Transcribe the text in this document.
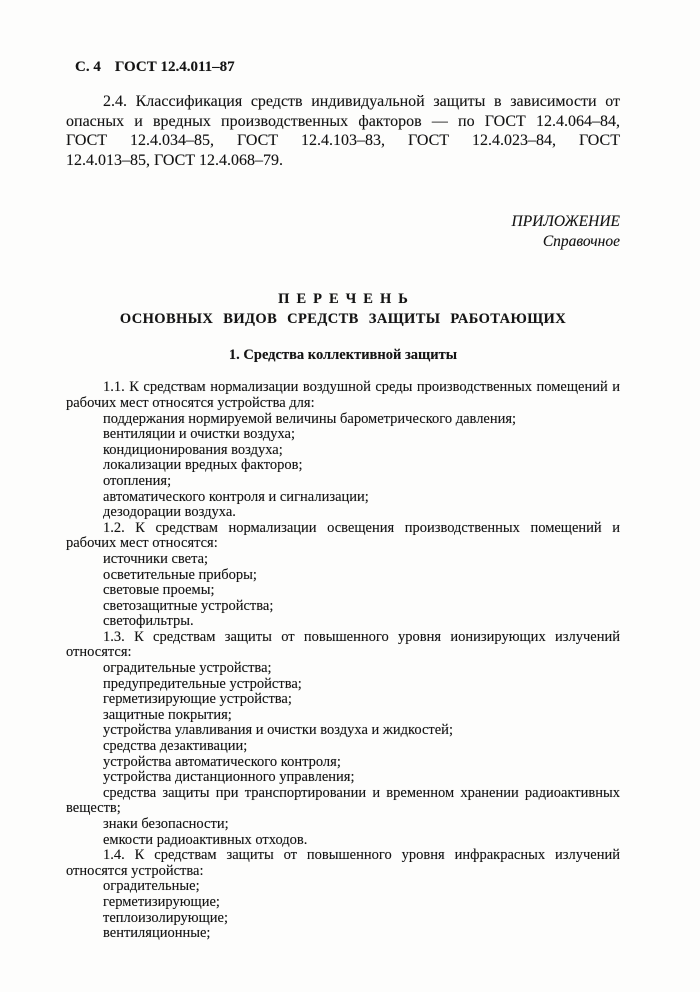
С. 4 ГОСТ 12.4.011–87
2.4. Классификация средств индивидуальной защиты в зависимости от
опасных и вредных производственных факторов — по ГОСТ 12.4.064–84,
ГОСТ 12.4.034–85, ГОСТ 12.4.103–83, ГОСТ 12.4.023–84, ГОСТ
12.4.013–85, ГОСТ 12.4.068–79.
ПРИЛОЖЕНИЕ
Справочное
ПЕРЕЧЕНЬ
ОСНОВНЫХ ВИДОВ СРЕДСТВ ЗАЩИТЫ РАБОТАЮЩИХ
1. Средства коллективной защиты

1.1. К средствам нормализации воздушной среды производственных помещений и рабочих мест относятся устройства для:

поддержания нормируемой величины барометрического давления;

вентиляции и очистки воздуха;

кондиционирования воздуха;

локализации вредных факторов;

отопления;

автоматического контроля и сигнализации;

дезодорации воздуха.

1.2. К средствам нормализации освещения производственных помещений и рабочих мест относятся:

источники света;

осветительные приборы;

световые проемы;

светозащитные устройства;

светофильтры.

1.3. К средствам защиты от повышенного уровня ионизирующих излучений относятся:

оградительные устройства;

предупредительные устройства;

герметизирующие устройства;

защитные покрытия;

устройства улавливания и очистки воздуха и жидкостей;

средства дезактивации;

устройства автоматического контроля;

устройства дистанционного управления;

средства защиты при транспортировании и временном хранении радиоактивных веществ;

знаки безопасности;

емкости радиоактивных отходов.

1.4. К средствам защиты от повышенного уровня инфракрасных излучений относятся устройства:

оградительные;

герметизирующие;

теплоизолирующие;

вентиляционные;
